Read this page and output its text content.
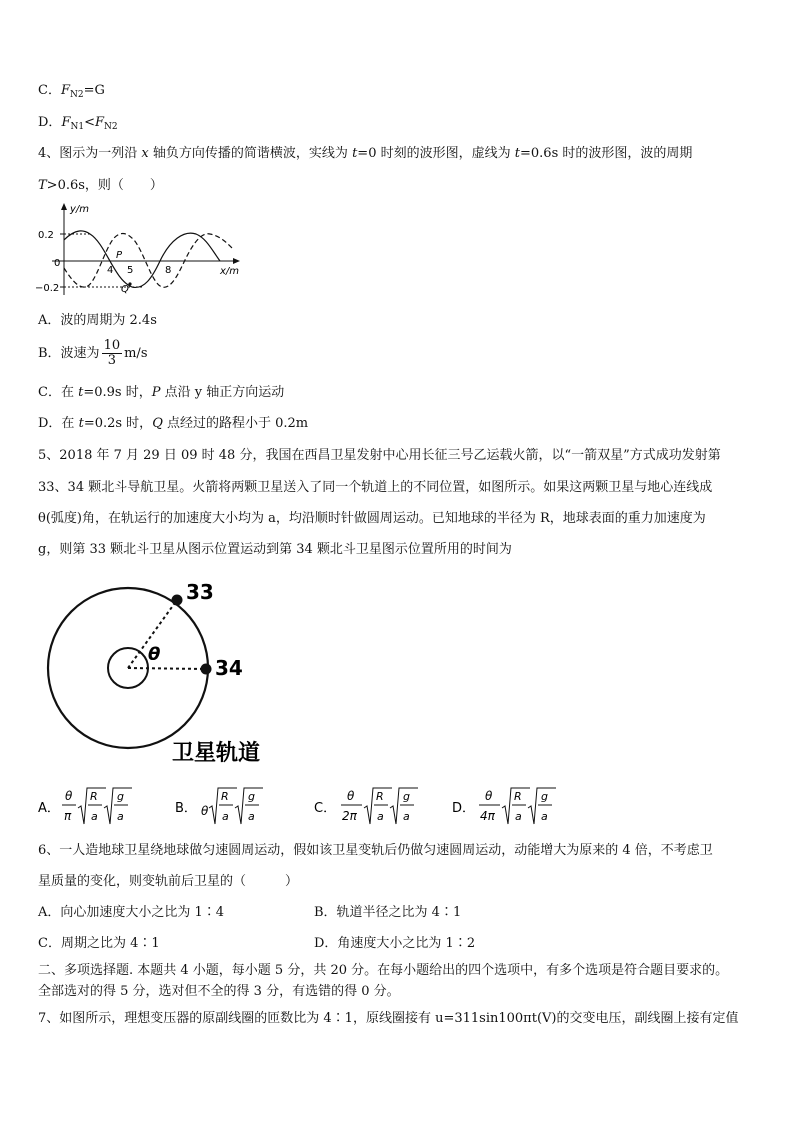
C．$F_{N2}=G$
D．$F_{N1}<F_{N2}$
4、图示为一列沿 x 轴负方向传播的简谐横波，实线为 t=0 时刻的波形图，虚线为 t=0.6s 时的波形图，波的周期
T>0.6s，则（　　）
y/m
x/m
0.2
−0.2
0
4 5	8
P
Q
A．波的周期为 2.4s
B．波速为 $\frac{10}{3} m/s$
C．在 t=0.9s 时，P 点沿 y 轴正方向运动
D．在 t=0.2s 时，Q 点经过的路程小于 0.2m
5、2018 年 7 月 29 日 09 时 48 分，我国在西昌卫星发射中心用长征三号乙运载火箭，以“一箭双星”方式成功发射第
33、34 颗北斗导航卫星。火箭将两颗卫星送入了同一个轨道上的不同位置，如图所示。如果这两颗卫星与地心连线成
θ(弧度)角，在轨运行的加速度大小均为 a，均沿顺时针做圆周运动。已知地球的半径为 R，地球表面的重力加速度为
g，则第 33 颗北斗卫星从图示位置运动到第 34 颗北斗卫星图示位置所用的时间为
33
34
θ
卫星轨道
A．
θ
π
R
a
g
a
B． θ
R
a
g
a
C．
θ
2π
R
a
g
a
D．
θ
4π
R
a
g
a
6、一人造地球卫星绕地球做匀速圆周运动，假如该卫星变轨后仍做匀速圆周运动，动能增大为原来的 4 倍，不考虑卫
星质量的变化，则变轨前后卫星的（　　　）
A．向心加速度大小之比为 1∶4	B．轨道半径之比为 4∶1
C．周期之比为 4∶1	D．角速度大小之比为 1∶2
二、多项选择题. 本题共 4 小题，每小题 5 分，共 20 分。在每小题给出的四个选项中，有多个选项是符合题目要求的。
全部选对的得 5 分，选对但不全的得 3 分，有选错的得 0 分。
7、如图所示，理想变压器的原副线圈的匝数比为 4∶1，原线圈接有 u=311sin100πt(V)的交变电压，副线圈上接有定值
